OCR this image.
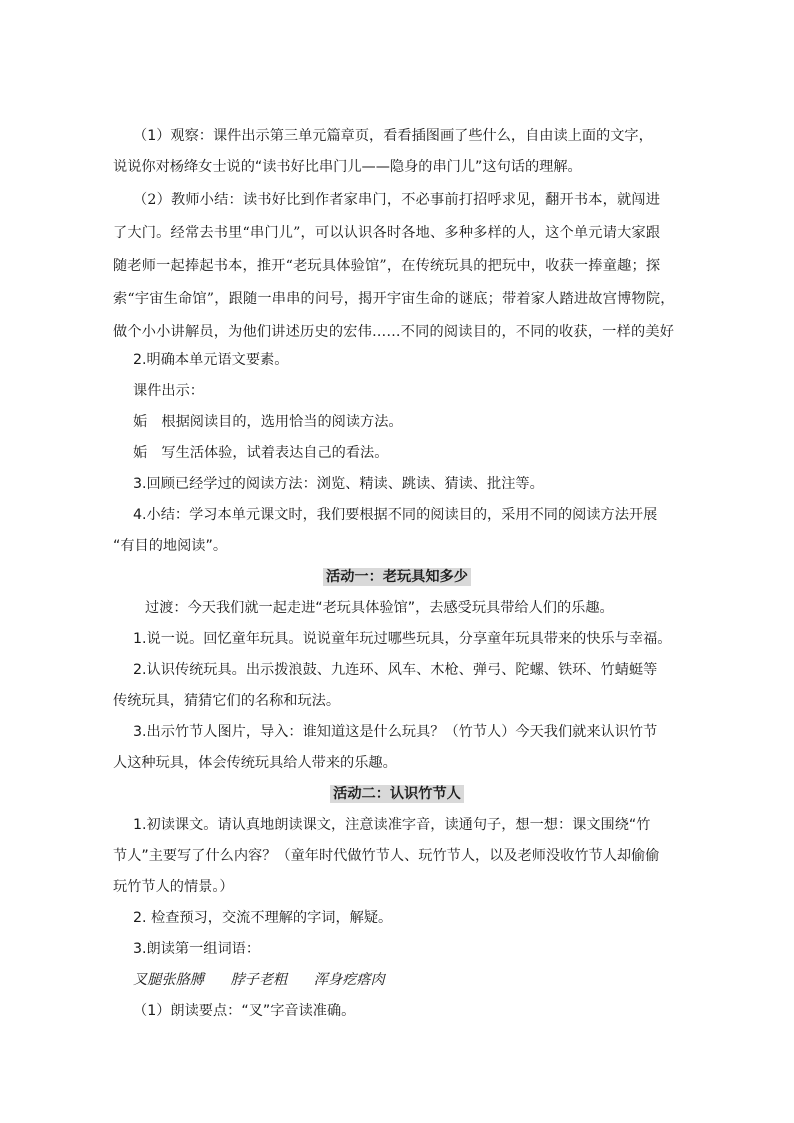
（1）观察：课件出示第三单元篇章页，看看插图画了些什么，自由读上面的文字，
说说你对杨绛女士说的“读书好比串门儿——隐身的串门儿”这句话的理解。
（2）教师小结：读书好比到作者家串门，不必事前打招呼求见，翻开书本，就闯进
了大门。经常去书里“串门儿”，可以认识各时各地、多种多样的人，这个单元请大家跟
随老师一起捧起书本，推开“老玩具体验馆”，在传统玩具的把玩中，收获一捧童趣；探
索“宇宙生命馆”，跟随一串串的问号，揭开宇宙生命的谜底；带着家人踏进故宫博物院，
做个小小讲解员，为他们讲述历史的宏伟……不同的阅读目的，不同的收获，一样的美好
2.明确本单元语文要素。
课件出示：
姤　根据阅读目的，选用恰当的阅读方法。
姤　写生活体验，试着表达自己的看法。
3.回顾已经学过的阅读方法：浏览、精读、跳读、猜读、批注等。
4.小结：学习本单元课文时，我们要根据不同的阅读目的，采用不同的阅读方法开展
“有目的地阅读”。
活动一：老玩具知多少
过渡：今天我们就一起走进“老玩具体验馆”，去感受玩具带给人们的乐趣。
1.说一说。回忆童年玩具。说说童年玩过哪些玩具，分享童年玩具带来的快乐与幸福。
2.认识传统玩具。出示拨浪鼓、九连环、风车、木枪、弹弓、陀螺、铁环、竹蜻蜓等
传统玩具，猜猜它们的名称和玩法。
3.出示竹节人图片，导入：谁知道这是什么玩具？（竹节人）今天我们就来认识竹节
人这种玩具，体会传统玩具给人带来的乐趣。
活动二：认识竹节人
1.初读课文。请认真地朗读课文，注意读准字音，读通句子，想一想：课文围绕“竹
节人”主要写了什么内容？（童年时代做竹节人、玩竹节人，以及老师没收竹节人却偷偷
玩竹节人的情景。）
2. 检查预习，交流不理解的字词，解疑。
3.朗读第一组词语：
叉腿张胳膊 脖子老粗 浑身疙瘩肉
（1）朗读要点：“叉”字音读准确。
